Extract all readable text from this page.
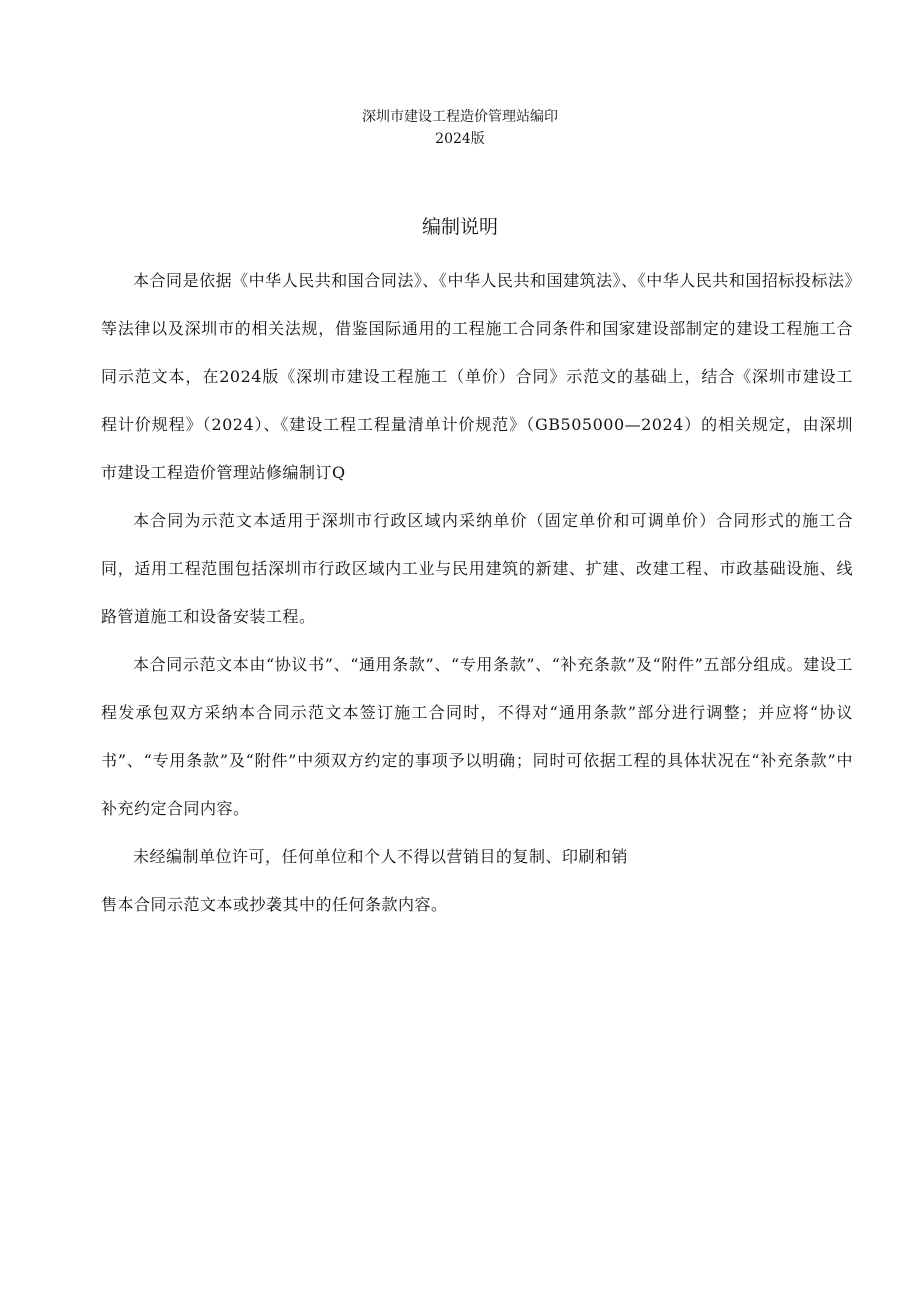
深圳市建设工程造价管理站编印
2024版
编制说明

本合同是依据《中华人民共和国合同法》、《中华人民共和国建筑法》、《中华人民共和国招标投标法》等法律以及深圳市的相关法规，借鉴国际通用的工程施工合同条件和国家建设部制定的建设工程施工合同示范文本，在2024版《深圳市建设工程施工（单价）合同》示范文的基础上，结合《深圳市建设工程计价规程》（2024）、《建设工程工程量清单计价规范》（GB505000—2024）的相关规定，由深圳市建设工程造价管理站修编制订Q

本合同为示范文本适用于深圳市行政区域内采纳单价（固定单价和可调单价）合同形式的施工合同，适用工程范围包括深圳市行政区域内工业与民用建筑的新建、扩建、改建工程、市政基础设施、线路管道施工和设备安装工程。

本合同示范文本由“协议书”、“通用条款”、“专用条款”、“补充条款”及“附件”五部分组成。建设工程发承包双方采纳本合同示范文本签订施工合同时，不得对“通用条款”部分进行调整；并应将“协议书”、“专用条款”及“附件”中须双方约定的事项予以明确；同时可依据工程的具体状况在“补充条款”中补充约定合同内容。

未经编制单位许可，任何单位和个人不得以营销目的复制、印刷和销

售本合同示范文本或抄袭其中的任何条款内容。
